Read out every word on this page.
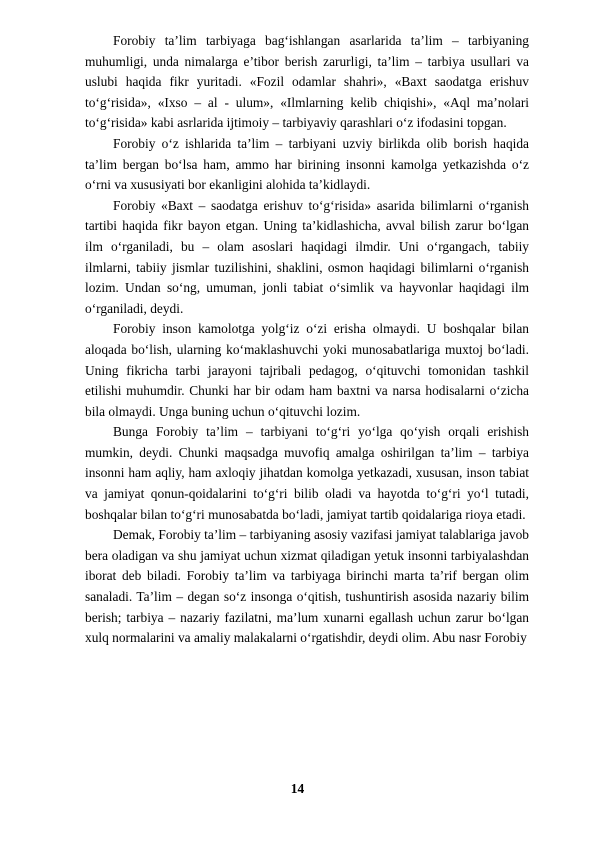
Forobiy ta’lim tarbiyaga bag‘ishlangan asarlarida ta’lim – tarbiyaning muhumligi, unda nimalarga e’tibor berish zarurligi, ta’lim – tarbiya usullari va uslubi haqida fikr yuritadi. «Fozil odamlar shahri», «Baxt saodatga erishuv to‘g‘risida», «Ixso – al - ulum», «Ilmlarning kelib chiqishi», «Aql ma’nolari to‘g‘risida» kabi asrlarida ijtimoiy – tarbiyaviy qarashlari o‘z ifodasini topgan.

Forobiy o‘z ishlarida ta’lim – tarbiyani uzviy birlikda olib borish haqida ta’lim bergan bo‘lsa ham, ammo har birining insonni kamolga yetkazishda o‘z o‘rni va xususiyati bor ekanligini alohida ta’kidlaydi.

Forobiy «Baxt – saodatga erishuv to‘g‘risida» asarida bilimlarni o‘rganish tartibi haqida fikr bayon etgan. Uning ta’kidlashicha, avval bilish zarur bo‘lgan ilm o‘rganiladi, bu – olam asoslari haqidagi ilmdir. Uni o‘rgangach, tabiiy ilmlarni, tabiiy jismlar tuzilishini, shaklini, osmon haqidagi bilimlarni o‘rganish lozim. Undan so‘ng, umuman, jonli tabiat o‘simlik va hayvonlar haqidagi ilm o‘rganiladi, deydi.

Forobiy inson kamolotga yolg‘iz o‘zi erisha olmaydi. U boshqalar bilan aloqada bo‘lish, ularning ko‘maklashuvchi yoki munosabatlariga muxtoj bo‘ladi. Uning fikricha tarbi jarayoni tajribali pedagog, o‘qituvchi tomonidan tashkil etilishi muhumdir. Chunki har bir odam ham baxtni va narsa hodisalarni o‘zicha bila olmaydi. Unga buning uchun o‘qituvchi lozim.

Bunga Forobiy ta’lim – tarbiyani to‘g‘ri yo‘lga qo‘yish orqali erishish mumkin, deydi. Chunki maqsadga muvofiq amalga oshirilgan ta’lim – tarbiya insonni ham aqliy, ham axloqiy jihatdan komolga yetkazadi, xususan, inson tabiat va jamiyat qonun-qoidalarini to‘g‘ri bilib oladi va hayotda to‘g‘ri yo‘l tutadi, boshqalar bilan to‘g‘ri munosabatda bo‘ladi, jamiyat tartib qoidalariga rioya etadi.

Demak, Forobiy ta’lim – tarbiyaning asosiy vazifasi jamiyat talablariga javob bera oladigan va shu jamiyat uchun xizmat qiladigan yetuk insonni tarbiyalashdan iborat deb biladi. Forobiy ta’lim va tarbiyaga birinchi marta ta’rif bergan olim sanaladi. Ta’lim – degan so‘z insonga o‘qitish, tushuntirish asosida nazariy bilim berish; tarbiya – nazariy fazilatni, ma’lum xunarni egallash uchun zarur bo‘lgan xulq normalarini va amaliy malakalarni o‘rgatishdir, deydi olim. Abu nasr Forobiy

14
